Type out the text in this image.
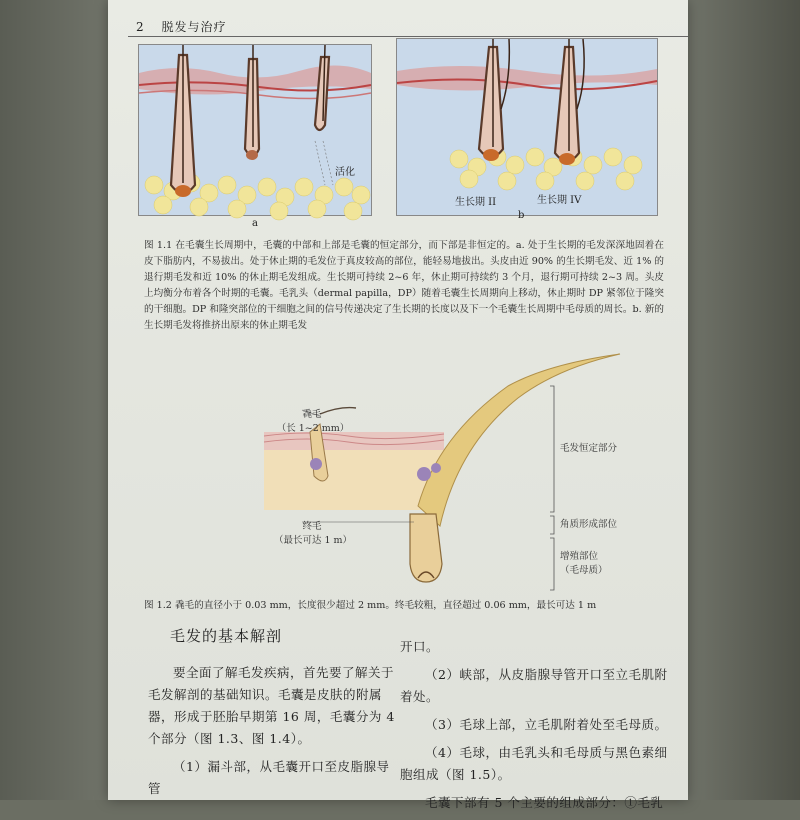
2 脱发与治疗
活化
a
生长期 II	生长期 IV
b
图 1.1 在毛囊生长周期中，毛囊的中部和上部是毛囊的恒定部分，而下部是非恒定的。a. 处于生长期的毛发深深地固着在皮下脂肪内，不易拔出。处于休止期的毛发位于真皮较高的部位，能轻易地拔出。头皮由近 90% 的生长期毛发、近 1% 的退行期毛发和近 10% 的休止期毛发组成。生长期可持续 2~6 年，休止期可持续约 3 个月，退行期可持续 2~3 周。头皮上均衡分布着各个时期的毛囊。毛乳头（dermal papilla，DP）随着毛囊生长周期向上移动，休止期时 DP 紧邻位于隆突的干细胞。DP 和隆突部位的干细胞之间的信号传递决定了生长期的长度以及下一个毛囊生长周期中毛母质的周长。b. 新的生长期毛发将推挤出原来的休止期毛发
毳毛
（长 1~2 mm）
终毛
（最长可达 1 m）
毛发恒定部分
角质形成部位
增殖部位
（毛母质）
图 1.2 毳毛的直径小于 0.03 mm，长度很少超过 2 mm。终毛较粗，直径超过 0.06 mm，最长可达 1 m
毛发的基本解剖

要全面了解毛发疾病，首先要了解关于毛发解剖的基础知识。毛囊是皮肤的附属器，形成于胚胎早期第 16 周，毛囊分为 4 个部分（图 1.3、图 1.4）。

（1）漏斗部，从毛囊开口至皮脂腺导管

开口。

（2）峡部，从皮脂腺导管开口至立毛肌附着处。

（3）毛球上部，立毛肌附着处至毛母质。

（4）毛球，由毛乳头和毛母质与黑色素细胞组成（图 1.5）。

毛囊下部有 5 个主要的组成部分：①毛乳
